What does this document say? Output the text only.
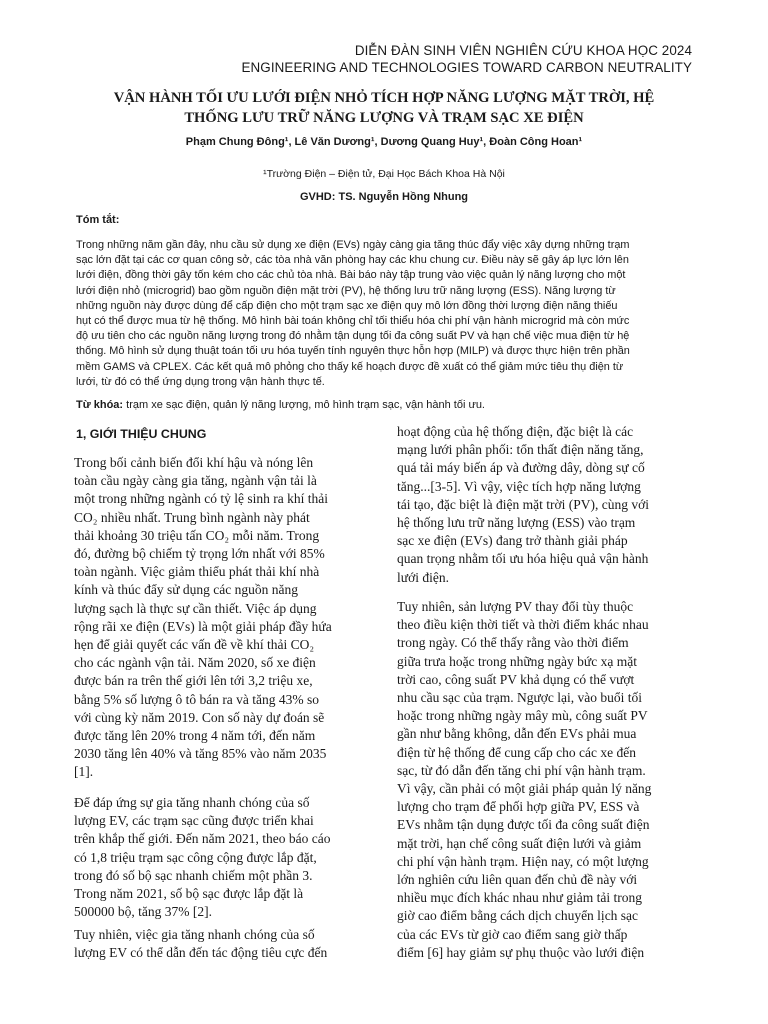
DIỄN ĐÀN SINH VIÊN NGHIÊN CỨU KHOA HỌC 2024
ENGINEERING AND TECHNOLOGIES TOWARD CARBON NEUTRALITY
VẬN HÀNH TỐI ƯU LƯỚI ĐIỆN NHỎ TÍCH HỢP NĂNG LƯỢNG MẶT TRỜI, HỆ
THỐNG LƯU TRỮ NĂNG LƯỢNG VÀ TRẠM SẠC XE ĐIỆN
Phạm Chung Đông¹, Lê Văn Dương¹, Dương Quang Huy¹, Đoàn Công Hoan¹
¹Trường Điện – Điện tử, Đại Học Bách Khoa Hà Nội
GVHD: TS. Nguyễn Hồng Nhung
Tóm tắt:
Trong những năm gần đây, nhu cầu sử dụng xe điện (EVs) ngày càng gia tăng thúc đẩy việc xây dựng những trạm
sạc lớn đặt tại các cơ quan công sở, các tòa nhà văn phòng hay các khu chung cư. Điều này sẽ gây áp lực lớn lên
lưới điện, đồng thời gây tốn kém cho các chủ tòa nhà. Bài báo này tập trung vào việc quản lý năng lượng cho một
lưới điện nhỏ (microgrid) bao gồm nguồn điện mặt trời (PV), hệ thống lưu trữ năng lượng (ESS). Năng lượng từ
những nguồn này được dùng để cấp điện cho một trạm sạc xe điện quy mô lớn đồng thời lượng điện năng thiếu
hụt có thể được mua từ hệ thống. Mô hình bài toán không chỉ tối thiểu hóa chi phí vận hành microgrid mà còn mức
độ ưu tiên cho các nguồn năng lượng trong đó nhằm tận dụng tối đa công suất PV và hạn chế việc mua điện từ hệ
thống. Mô hình sử dụng thuật toán tối ưu hóa tuyến tính nguyên thực hỗn hợp (MILP) và được thực hiện trên phần
mềm GAMS và CPLEX. Các kết quả mô phỏng cho thấy kế hoạch được đề xuất có thể giảm mức tiêu thụ điện từ
lưới, từ đó có thể ứng dụng trong vận hành thực tế.
Từ khóa: trạm xe sạc điện, quản lý năng lượng, mô hình trạm sạc, vận hành tối ưu.
1, GIỚI THIỆU CHUNG
Trong bối cảnh biến đổi khí hậu và nóng lên
toàn cầu ngày càng gia tăng, ngành vận tải là
một trong những ngành có tỷ lệ sinh ra khí thải
CO₂ nhiều nhất. Trung bình ngành này phát
thải khoảng 30 triệu tấn CO₂ mỗi năm. Trong
đó, đường bộ chiếm tỷ trọng lớn nhất với 85%
toàn ngành. Việc giảm thiểu phát thải khí nhà
kính và thúc đẩy sử dụng các nguồn năng
lượng sạch là thực sự cần thiết. Việc áp dụng
rộng rãi xe điện (EVs) là một giải pháp đầy hứa
hẹn để giải quyết các vấn đề về khí thải CO₂
cho các ngành vận tải. Năm 2020, số xe điện
được bán ra trên thế giới lên tới 3,2 triệu xe,
bằng 5% số lượng ô tô bán ra và tăng 43% so
với cùng kỳ năm 2019. Con số này dự đoán sẽ
được tăng lên 20% trong 4 năm tới, đến năm
2030 tăng lên 40% và tăng 85% vào năm 2035
[1].
Để đáp ứng sự gia tăng nhanh chóng của số
lượng EV, các trạm sạc cũng được triển khai
trên khắp thế giới. Đến năm 2021, theo báo cáo
có 1,8 triệu trạm sạc công cộng được lắp đặt,
trong đó số bộ sạc nhanh chiếm một phần 3.
Trong năm 2021, số bộ sạc được lắp đặt là
500000 bộ, tăng 37% [2].
Tuy nhiên, việc gia tăng nhanh chóng của số
lượng EV có thể dẫn đến tác động tiêu cực đến
hoạt động của hệ thống điện, đặc biệt là các
mạng lưới phân phối: tổn thất điện năng tăng,
quá tải máy biến áp và đường dây, dòng sự cố
tăng...[3-5]. Vì vậy, việc tích hợp năng lượng
tái tạo, đặc biệt là điện mặt trời (PV), cùng với
hệ thống lưu trữ năng lượng (ESS) vào trạm
sạc xe điện (EVs) đang trở thành giải pháp
quan trọng nhằm tối ưu hóa hiệu quả vận hành
lưới điện.
Tuy nhiên, sản lượng PV thay đổi tùy thuộc
theo điều kiện thời tiết và thời điểm khác nhau
trong ngày. Có thể thấy rằng vào thời điểm
giữa trưa hoặc trong những ngày bức xạ mặt
trời cao, công suất PV khả dụng có thể vượt
nhu cầu sạc của trạm. Ngược lại, vào buổi tối
hoặc trong những ngày mây mù, công suất PV
gần như bằng không, dẫn đến EVs phải mua
điện từ hệ thống để cung cấp cho các xe đến
sạc, từ đó dẫn đến tăng chi phí vận hành trạm.
Vì vậy, cần phải có một giải pháp quản lý năng
lượng cho trạm để phối hợp giữa PV, ESS và
EVs nhằm tận dụng được tối đa công suất điện
mặt trời, hạn chế công suất điện lưới và giảm
chi phí vận hành trạm. Hiện nay, có một lượng
lớn nghiên cứu liên quan đến chủ đề này với
nhiều mục đích khác nhau như giảm tải trong
giờ cao điểm bằng cách dịch chuyển lịch sạc
của các EVs từ giờ cao điểm sang giờ thấp
điểm [6] hay giảm sự phụ thuộc vào lưới điện
